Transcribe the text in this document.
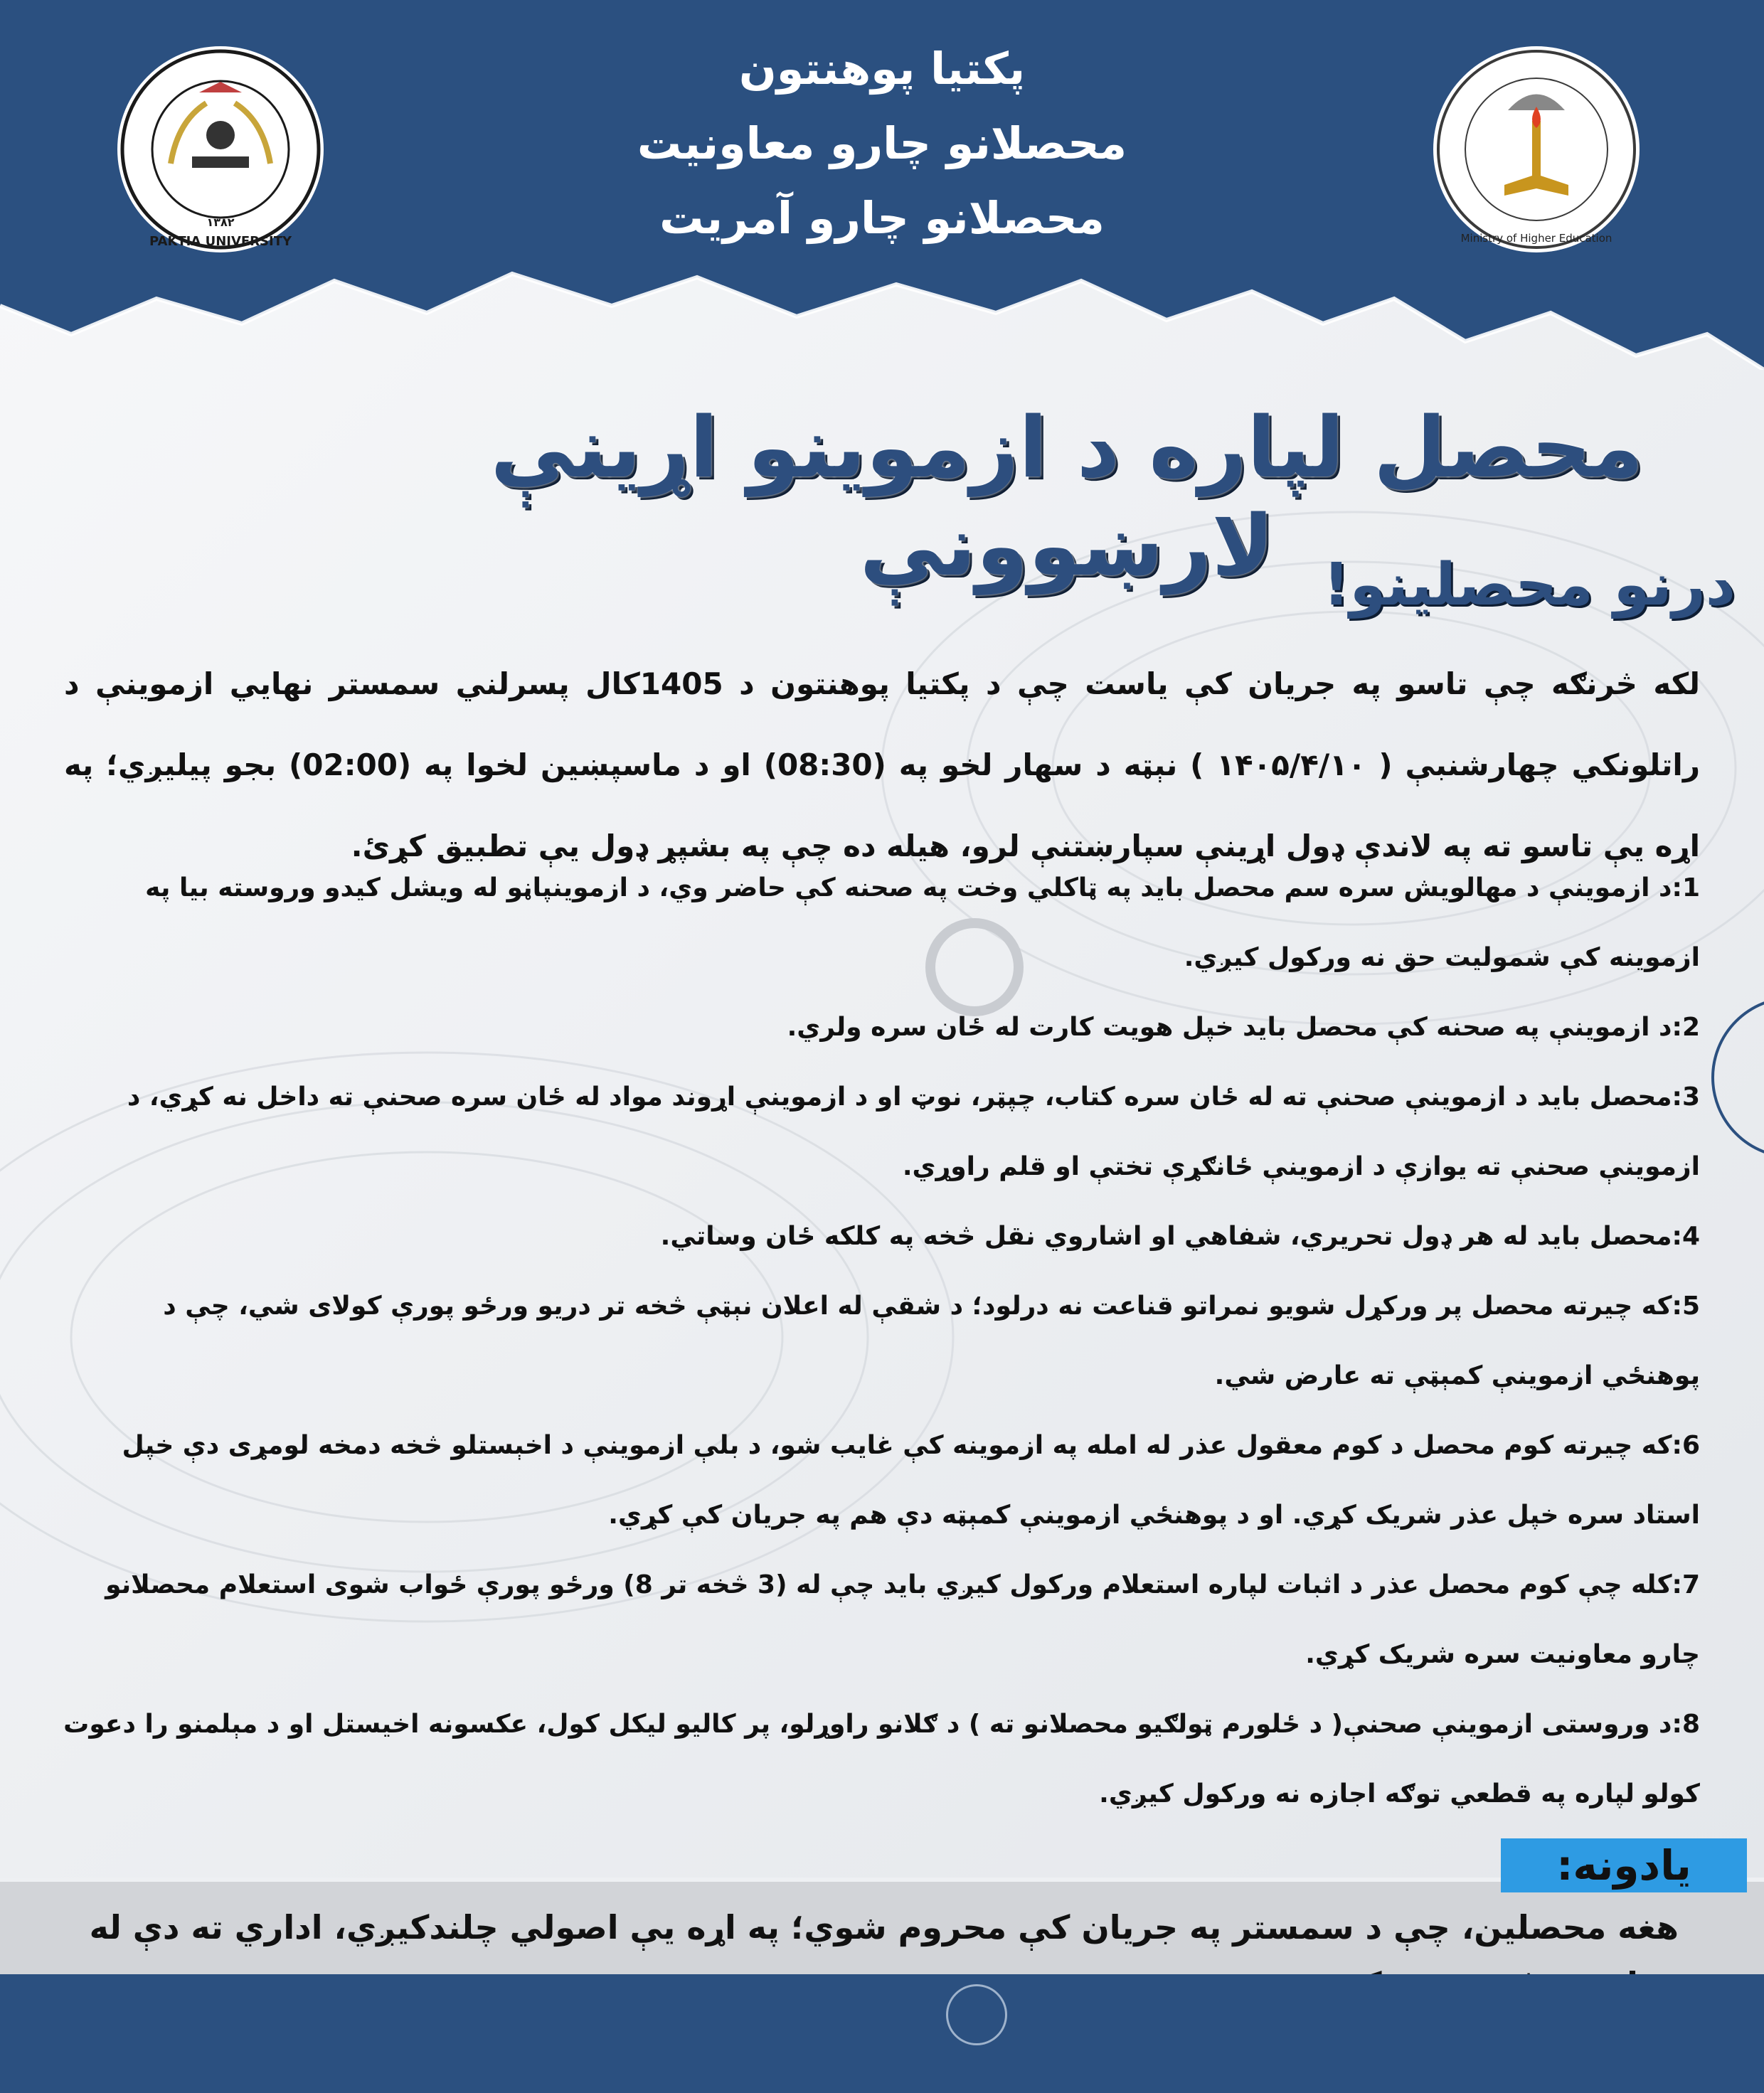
پکتيا پوهنتون
محصلانو چارو معاونيت
محصلانو چارو آمريت
۱۳۸۲
PAKTIA UNIVERSITY	Ministry of Higher Education
محصل لپاره د ازموينو اړينې لارښوونې درنو محصلينو!
لکه څرنګه چې تاسو په جريان کې ياست چې د پکتيا پوهنتون د 1405کال پسرلني سمستر نهايي ازموينې د راتلونکي چهارشنبې ( ۱۴۰۵/۴/۱۰ ) نېټه د سهار لخو په (08:30) او د ماسپښين لخوا په (02:00) بجو پيليږي؛ په اړه يې تاسو ته په لاندې ډول اړينې سپارښتنې لرو، هيله ده چې په بشپړ ډول يې تطبيق کړئ.
1:د ازموينې د مهالويش سره سم محصل بايد په ټاکلي وخت په صحنه کې حاضر وي، د ازموينپاڼو له ويشل کيدو وروسته بيا په ازموينه کې شموليت حق نه ورکول کيږي.
2:د ازموينې په صحنه کې محصل بايد خپل هويت کارت له ځان سره ولري.
3:محصل بايد د ازموينې صحنې ته له ځان سره کتاب، چپټر، نوټ او د ازموينې اړوند مواد له ځان سره صحنې ته داخل نه کړي، د ازموينې صحنې ته يوازې د ازموينې ځانګړې تختې او قلم راوړي.
4:محصل بايد له هر ډول تحريري، شفاهي او اشاروي نقل څخه په کلکه ځان وساتي.
5:که چيرته محصل پر ورکړل شويو نمراتو قناعت نه درلود؛ د شقې له اعلان نېټې څخه تر دريو ورځو پورې کولای شي، چې د پوهنځي ازموينې کمېټې ته عارض شي.
6:که چيرته کوم محصل د کوم معقول عذر له امله په ازموينه کې غايب شو، د بلې ازموينې د اخېستلو څخه دمخه لومړی دې خپل استاد سره خپل عذر شريک کړي. او د پوهنځي ازموينې کمېټه دې هم په جريان کې کړي.
7:کله چې کوم محصل عذر د اثبات لپاره استعلام ورکول کيږي بايد چې له (3 څخه تر 8) ورځو پورې ځواب شوی استعلام محصلانو چارو معاونيت سره شريک کړي.
8:د وروستی ازموينې صحنې( د ځلورم ټولګيو محصلانو ته ) د ګلانو راوړلو، پر کاليو ليکل کول، عکسونه اخيستل او د مېلمنو را دعوت کولو لپاره په قطعي توګه اجازه نه ورکول کيږي.
يادونه:
هغه محصلين، چې د سمستر په جريان کې محروم شوي؛ په اړه يې اصولي چلندکيږي، اداري ته دې له
